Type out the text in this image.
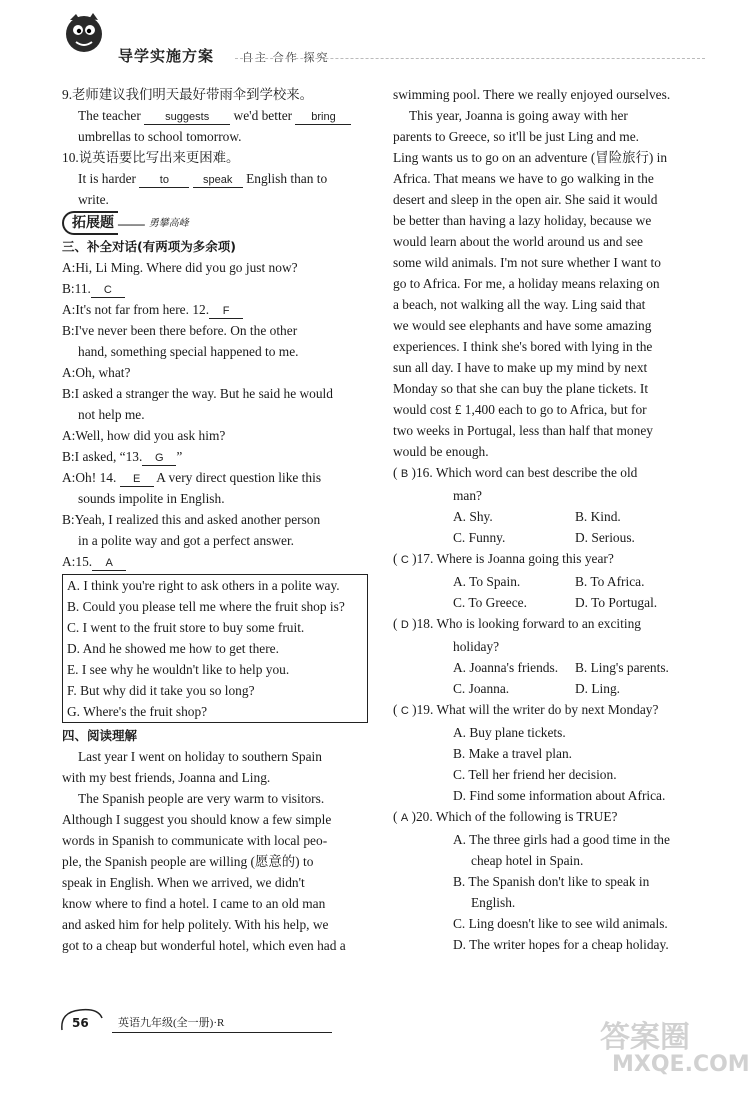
导学实施方案	自主 合作 探究
9.老师建议我们明天最好带雨伞到学校来。
The teacher suggests we'd better bring
umbrellas to school tomorrow.
10.说英语要比写出来更困难。
It is harder to	speak English than to
write.
拓展题 —— 勇攀高峰
三、补全对话(有两项为多余项)
A:Hi, Li Ming. Where did you go just now?
B:11. C
A:It's not far from here. 12. F
B:I've never been there before. On the other
hand, something special happened to me.
A:Oh, what?
B:I asked a stranger the way. But he said he would
not help me.
A:Well, how did you ask him?
B:I asked, “13. G ”
A:Oh! 14. E A very direct question like this
sounds impolite in English.
B:Yeah, I realized this and asked another person
in a polite way and got a perfect answer.
A:15. A
A. I think you're right to ask others in a polite way.
B. Could you please tell me where the fruit shop is?
C. I went to the fruit store to buy some fruit.
D. And he showed me how to get there.
E. I see why he wouldn't like to help you.
F. But why did it take you so long?
G. Where's the fruit shop?
四、阅读理解
Last year I went on holiday to southern Spain
with my best friends, Joanna and Ling.
The Spanish people are very warm to visitors.
Although I suggest you should know a few simple
words in Spanish to communicate with local peo-
ple, the Spanish people are willing (愿意的) to
speak in English. When we arrived, we didn't
know where to find a hotel. I came to an old man
and asked him for help politely. With his help, we
got to a cheap but wonderful hotel, which even had a
swimming pool. There we really enjoyed ourselves.
This year, Joanna is going away with her
parents to Greece, so it'll be just Ling and me.
Ling wants us to go on an adventure (冒险旅行) in
Africa. That means we have to go walking in the
desert and sleep in the open air. She said it would
be better than having a lazy holiday, because we
would learn about the world around us and see
some wild animals. I'm not sure whether I want to
go to Africa. For me, a holiday means relaxing on
a beach, not walking all the way. Ling said that
we would see elephants and have some amazing
experiences. I think she's bored with lying in the
sun all day. I have to make up my mind by next
Monday so that she can buy the plane tickets. It
would cost £ 1,400 each to go to Africa, but for
two weeks in Portugal, less than half that money
would be enough.
( B )16. Which word can best describe the old
man?
A. Shy.	B. Kind.
C. Funny.	D. Serious.
( C )17. Where is Joanna going this year?
A. To Spain.	B. To Africa.
C. To Greece.	D. To Portugal.
( D )18. Who is looking forward to an exciting
holiday?
A. Joanna's friends.	B. Ling's parents.
C. Joanna.	D. Ling.
( C )19. What will the writer do by next Monday?
A. Buy plane tickets.
B. Make a travel plan.
C. Tell her friend her decision.
D. Find some information about Africa.
( A )20. Which of the following is TRUE?
A. The three girls had a good time in the
cheap hotel in Spain.
B. The Spanish don't like to speak in
English.
C. Ling doesn't like to see wild animals.
D. The writer hopes for a cheap holiday.
56	英语九年级(全一册)·R	答案圈
MXQE.COM
